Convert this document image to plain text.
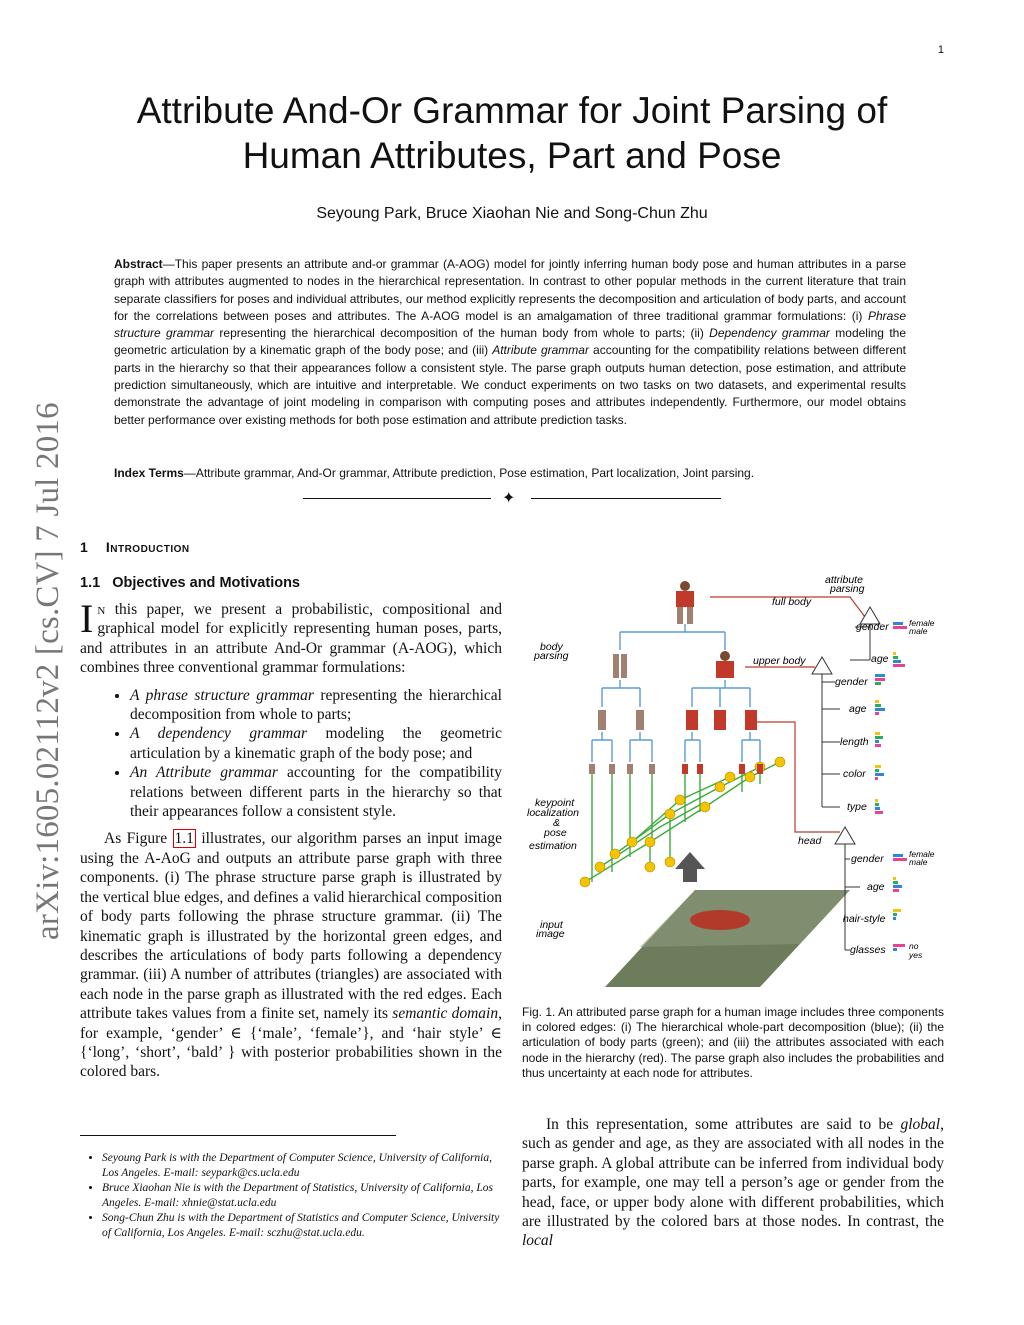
1
Attribute And-Or Grammar for Joint Parsing of
Human Attributes, Part and Pose
Seyoung Park, Bruce Xiaohan Nie and Song-Chun Zhu
Abstract—This paper presents an attribute and-or grammar (A-AOG) model for jointly inferring human body pose and human attributes in a parse graph with attributes augmented to nodes in the hierarchical representation. In contrast to other popular methods in the current literature that train separate classifiers for poses and individual attributes, our method explicitly represents the decomposition and articulation of body parts, and account for the correlations between poses and attributes. The A-AOG model is an amalgamation of three traditional grammar formulations: (i) Phrase structure grammar representing the hierarchical decomposition of the human body from whole to parts; (ii) Dependency grammar modeling the geometric articulation by a kinematic graph of the body pose; and (iii) Attribute grammar accounting for the compatibility relations between different parts in the hierarchy so that their appearances follow a consistent style. The parse graph outputs human detection, pose estimation, and attribute prediction simultaneously, which are intuitive and interpretable. We conduct experiments on two tasks on two datasets, and experimental results demonstrate the advantage of joint modeling in comparison with computing poses and attributes independently. Furthermore, our model obtains better performance over existing methods for both pose estimation and attribute prediction tasks.
Index Terms—Attribute grammar, And-Or grammar, Attribute prediction, Pose estimation, Part localization, Joint parsing.
✦
arXiv:1605.02112v2 [cs.CV] 7 Jul 2016 1 Introduction
1.1 Objectives and Motivations

In this paper, we present a probabilistic, compositional and graphical model for explicitly representing human poses, parts, and attributes in an attribute And-Or grammar (A-AOG), which combines three conventional grammar formulations:

• A phrase structure grammar representing the hierarchical decomposition from whole to parts;
• A dependency grammar modeling the geometric articulation by a kinematic graph of the body pose; and
• An Attribute grammar accounting for the compatibility relations between different parts in the hierarchy so that their appearances follow a consistent style.

As Figure 1.1 illustrates, our algorithm parses an input image using the A-AoG and outputs an attribute parse graph with three components. (i) The phrase structure parse graph is illustrated by the vertical blue edges, and defines a valid hierarchical composition of body parts following the phrase structure grammar. (ii) The kinematic graph is illustrated by the horizontal green edges, and describes the articulations of body parts following a dependency grammar. (iii) A number of attributes (triangles) are associated with each node in the parse graph as illustrated with the red edges. Each attribute takes values from a finite set, namely its semantic domain, for example, ‘gender’ ∈ {‘male’, ‘female’}, and ‘hair style’ ∈ {‘long’, ‘short’, ‘bald’ } with posterior probabilities shown in the colored bars.

• Seyoung Park is with the Department of Computer Science, University of California, Los Angeles. E-mail: seypark@cs.ucla.edu
• Bruce Xiaohan Nie is with the Department of Statistics, University of California, Los Angeles. E-mail: xhnie@stat.ucla.edu
• Song-Chun Zhu is with the Department of Statistics and Computer Science, University of California, Los Angeles. E-mail: sczhu@stat.ucla.edu.
attribute
parsing
full body
body
parsing	upper body
gender
age
female
male
gender
age
length
color
type
head
gender	female
male
age
hair-style
glasses	no
yes
keypoint
localization
&
pose
estimation
input
image
Fig. 1. An attributed parse graph for a human image includes three components in colored edges: (i) The hierarchical whole-part decomposition (blue); (ii) the articulation of body parts (green); and (iii) the attributes associated with each node in the hierarchy (red). The parse graph also includes the probabilities and thus uncertainty at each node for attributes.

In this representation, some attributes are said to be global, such as gender and age, as they are associated with all nodes in the parse graph. A global attribute can be inferred from individual body parts, for example, one may tell a person’s age or gender from the head, face, or upper body alone with different probabilities, which are illustrated by the colored bars at those nodes. In contrast, the local
